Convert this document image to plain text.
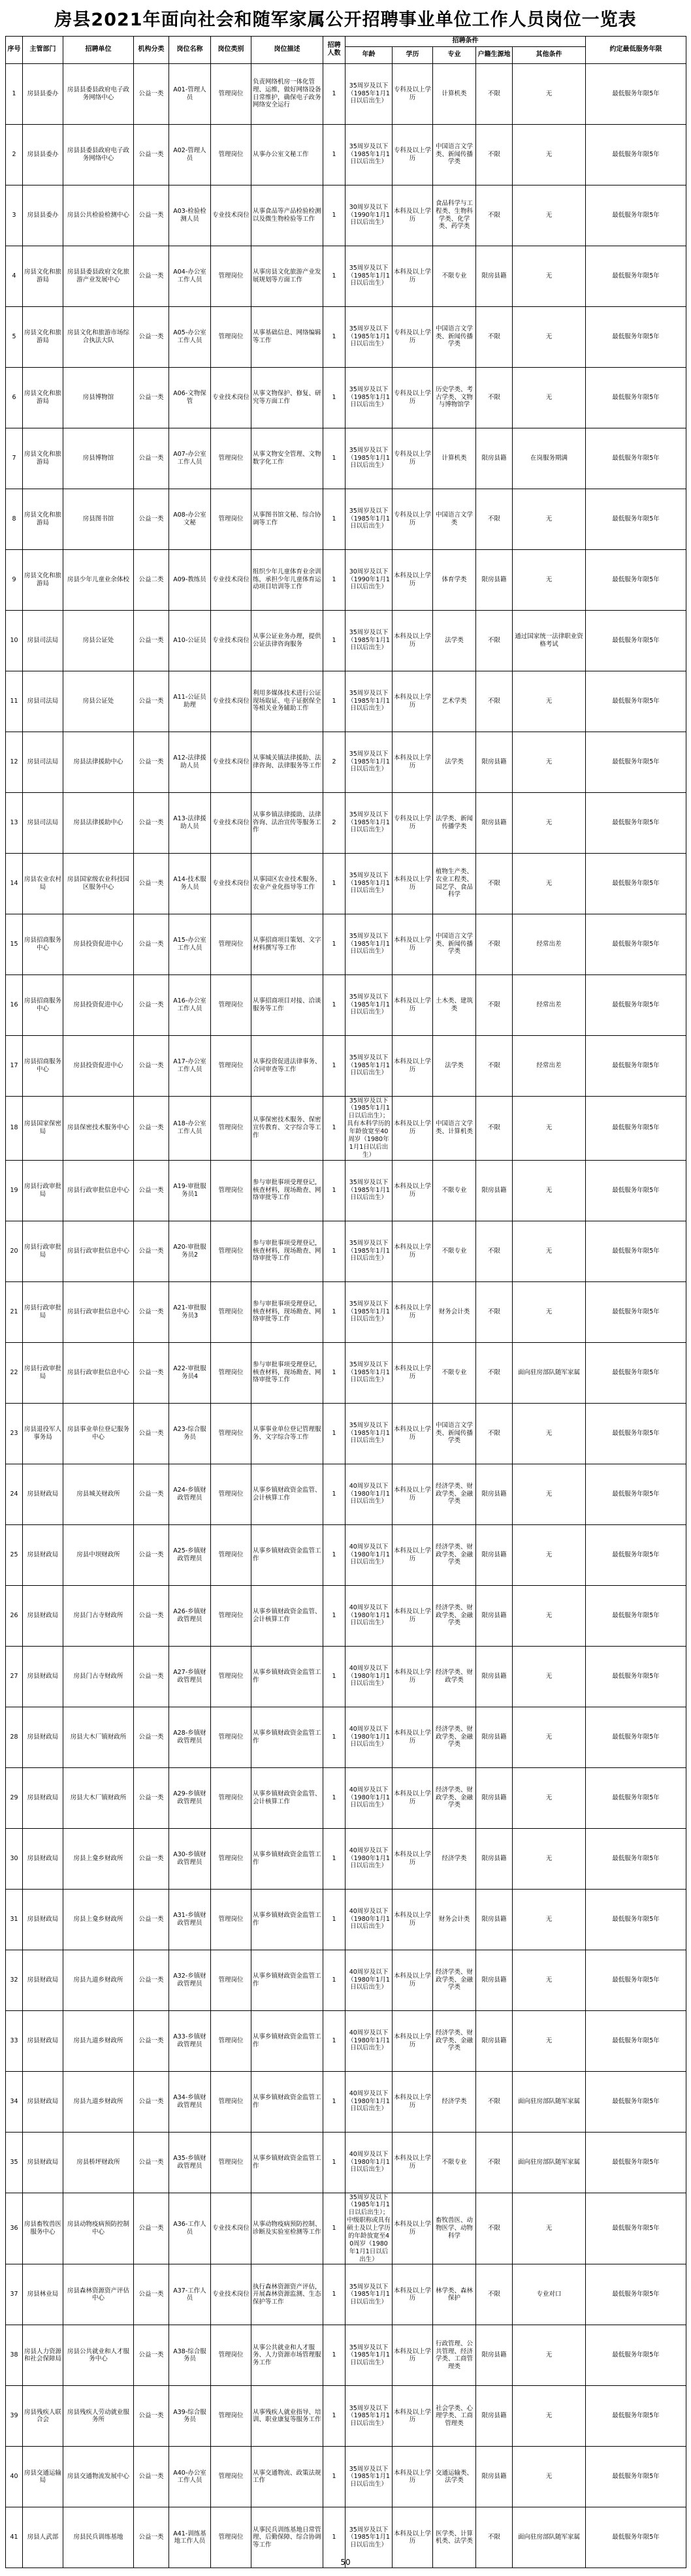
房县2021年面向社会和随军家属公开招聘事业单位工作人员岗位一览表
序号	主管部门	招聘单位	机构分类	岗位名称	岗位类别	岗位描述	招聘人数	招聘条件					约定最低服务年限
								年龄	学历	专业	户籍生源地	其他条件	
1	房县县委办	房县县委县政府电子政务网络中心	公益一类	A01-管理人员	管理岗位	负责网络机房一体化管理、运维，做好网络设备日常维护，确保电子政务网络安全运行	1	35周岁及以下（1985年1月1日以后出生）	专科及以上学历	计算机类	不限	无	最低服务年限5年
2	房县县委办	房县县委县政府电子政务网络中心	公益一类	A02-管理人员	管理岗位	从事办公室文秘工作	1	35周岁及以下（1985年1月1日以后出生）	专科及以上学历	中国语言文学类、新闻传播学类	不限	无	最低服务年限5年
3	房县县委办	房县公共检验检测中心	公益一类	A03-检验检测人员	专业技术岗位	从事食品等产品检验检测以及微生物检验等工作	1	30周岁及以下（1990年1月1日以后出生）	本科及以上学历	食品科学与工程类、生物科学类、化学类、药学类	不限	无	最低服务年限5年
4	房县文化和旅游局	房县县委县政府文化旅游产业发展中心	公益一类	A04-办公室工作人员	管理岗位	从事房县文化旅游产业发展规划等方面工作	1	35周岁及以下（1985年1月1日以后出生）	本科及以上学历	不限专业	限房县籍	无	最低服务年限5年
5	房县文化和旅游局	房县文化和旅游市场综合执法大队	公益一类	A05-办公室工作人员	管理岗位	从事基础信息、网络编辑等工作	1	35周岁及以下（1985年1月1日以后出生）	专科及以上学历	中国语言文学类、新闻传播学类	不限	无	最低服务年限5年
6	房县文化和旅游局	房县博物馆	公益一类	A06-文物保管	专业技术岗位	从事文物保护、修复、研究等方面工作	1	35周岁及以下（1985年1月1日以后出生）	专科及以上学历	历史学类、考古学类、文物与博物馆学	不限	无	最低服务年限5年
7	房县文化和旅游局	房县博物馆	公益一类	A07-办公室工作人员	管理岗位	从事文物安全管理、文物数字化工作	1	35周岁及以下（1985年1月1日以后出生）	专科及以上学历	计算机类	限房县籍	在岗服务期满	最低服务年限5年
8	房县文化和旅游局	房县图书馆	公益一类	A08-办公室文秘	管理岗位	从事图书馆文秘、综合协调等工作	1	35周岁及以下（1985年1月1日以后出生）	专科及以上学历	中国语言文学类	不限	无	最低服务年限5年
9	房县文化和旅游局	房县少年儿童业余体校	公益二类	A09-教练员	专业技术岗位	组织少年儿童体育业余训练，承担少年儿童体育运动项目培训等工作	1	30周岁及以下（1990年1月1日以后出生）	本科及以上学历	体育学类	限房县籍	无	最低服务年限5年
10	房县司法局	房县公证处	公益一类	A10-公证员	专业技术岗位	从事公证业务办理，提供公证法律咨询服务	1	35周岁及以下（1985年1月1日以后出生）	本科及以上学历	法学类	不限	通过国家统一法律职业资格考试	最低服务年限5年
11	房县司法局	房县公证处	公益一类	A11-公证员助理	专业技术岗位	利用多媒体技术进行公证现场取证、电子证据保全等相关业务辅助工作	1	35周岁及以下（1985年1月1日以后出生）	本科及以上学历	艺术学类	不限	无	最低服务年限5年
12	房县司法局	房县法律援助中心	公益一类	A12-法律援助人员	专业技术岗位	从事城关镇法律援助、法律咨询、法律服务等工作	2	35周岁及以下（1985年1月1日以后出生）	本科及以上学历	法学类	限房县籍	无	最低服务年限5年
13	房县司法局	房县法律援助中心	公益一类	A13-法律援助人员	专业技术岗位	从事乡镇法律援助、法律咨询、法治宣传等服务工作	2	35周岁及以下（1985年1月1日以后出生）	专科及以上学历	法学类、新闻传播学类	限房县籍	无	最低服务年限5年
14	房县农业农村局	房县国家级农业科技园区服务中心	公益一类	A14-技术服务人员	专业技术岗位	从事园区农业技术服务、农业产业化指导等工作	1	35周岁及以下（1985年1月1日以后出生）	本科及以上学历	植物生产类、农业工程类、园艺学、食品科学	不限	无	最低服务年限5年
15	房县招商服务中心	房县投资促进中心	公益一类	A15-办公室工作人员	管理岗位	从事招商项目策划、文字材料撰写等工作	1	35周岁及以下（1985年1月1日以后出生）	本科及以上学历	中国语言文学类、新闻传播学类	不限	经常出差	最低服务年限5年
16	房县招商服务中心	房县投资促进中心	公益一类	A16-办公室工作人员	管理岗位	从事招商项目对接、洽谈服务等工作	1	35周岁及以下（1985年1月1日以后出生）	本科及以上学历	土木类、建筑类	不限	经常出差	最低服务年限5年
17	房县招商服务中心	房县投资促进中心	公益一类	A17-办公室工作人员	管理岗位	从事投资促进法律事务、合同审查等工作	1	35周岁及以下（1985年1月1日以后出生）	本科及以上学历	法学类	不限	经常出差	最低服务年限5年
18	房县国家保密局	房县保密技术服务中心	公益一类	A18-办公室工作人员	管理岗位	从事保密技术服务、保密宣传教育、文字综合等工作	1	35周岁及以下（1985年1月1日以后出生）；具有本科学历的年龄放宽至40周岁（1980年1月1日以后出生）	本科及以上学历	中国语言文学类、计算机类	不限	无	最低服务年限5年
19	房县行政审批局	房县行政审批信息中心	公益一类	A19-审批服务员1	管理岗位	参与审批事项受理登记，核查材料，现场勘查、网络审批等工作	1	35周岁及以下（1985年1月1日以后出生）	本科及以上学历	不限专业	限房县籍	无	最低服务年限5年
20	房县行政审批局	房县行政审批信息中心	公益一类	A20-审批服务员2	管理岗位	参与审批事项受理登记，核查材料，现场勘查、网络审批等工作	1	35周岁及以下（1985年1月1日以后出生）	本科及以上学历	不限专业	不限	无	最低服务年限5年
21	房县行政审批局	房县行政审批信息中心	公益一类	A21-审批服务员3	管理岗位	参与审批事项受理登记，核查材料，现场勘查、网络审批等工作	1	35周岁及以下（1985年1月1日以后出生）	本科及以上学历	财务会计类	不限	无	最低服务年限5年
22	房县行政审批局	房县行政审批信息中心	公益一类	A22-审批服务员4	管理岗位	参与审批事项受理登记，核查材料，现场勘查、网络审批等工作	1	35周岁及以下（1985年1月1日以后出生）	本科及以上学历	不限专业	不限	面向驻房部队随军家属	最低服务年限5年
23	房县退役军人事务局	房县事业单位登记服务中心	公益一类	A23-综合服务员	管理岗位	从事事业单位登记管理服务、文字综合等工作	1	35周岁及以下（1985年1月1日以后出生）	本科及以上学历	中国语言文学类、新闻传播学类	不限	无	最低服务年限5年
24	房县财政局	房县城关财政所	公益一类	A24-乡镇财政管理员	管理岗位	从事乡镇财政资金监管、会计核算工作	1	40周岁及以下（1980年1月1日以后出生）	本科及以上学历	经济学类、财政学类、金融学类	限房县籍	无	最低服务年限5年
25	房县财政局	房县中坝财政所	公益一类	A25-乡镇财政管理员	管理岗位	从事乡镇财政资金监管工作	1	40周岁及以下（1980年1月1日以后出生）	本科及以上学历	经济学类、财政学类、金融学类	限房县籍	无	最低服务年限5年
26	房县财政局	房县门古寺财政所	公益一类	A26-乡镇财政管理员	管理岗位	从事乡镇财政资金监管、会计核算工作	1	40周岁及以下（1980年1月1日以后出生）	本科及以上学历	经济学类、财政学类、金融学类	限房县籍	无	最低服务年限5年
27	房县财政局	房县门古寺财政所	公益一类	A27-乡镇财政管理员	管理岗位	从事乡镇财政资金监管工作	1	40周岁及以下（1980年1月1日以后出生）	本科及以上学历	经济学类、财政学类	限房县籍	无	最低服务年限5年
28	房县财政局	房县大木厂镇财政所	公益一类	A28-乡镇财政管理员	管理岗位	从事乡镇财政资金监管工作	1	40周岁及以下（1980年1月1日以后出生）	本科及以上学历	经济学类、财政学类、金融学类	限房县籍	无	最低服务年限5年
29	房县财政局	房县大木厂镇财政所	公益一类	A29-乡镇财政管理员	管理岗位	从事乡镇财政资金监管、会计核算工作	1	40周岁及以下（1980年1月1日以后出生）	本科及以上学历	经济学类、财政学类、金融学类	限房县籍	无	最低服务年限5年
30	房县财政局	房县上龛乡财政所	公益一类	A30-乡镇财政管理员	管理岗位	从事乡镇财政资金监管工作	1	40周岁及以下（1980年1月1日以后出生）	本科及以上学历	经济学类	限房县籍	无	最低服务年限5年
31	房县财政局	房县上龛乡财政所	公益一类	A31-乡镇财政管理员	管理岗位	从事乡镇财政资金监管工作	1	40周岁及以下（1980年1月1日以后出生）	本科及以上学历	财务会计类	限房县籍	无	最低服务年限5年
32	房县财政局	房县九道乡财政所	公益一类	A32-乡镇财政管理员	管理岗位	从事乡镇财政资金监管工作	1	40周岁及以下（1980年1月1日以后出生）	本科及以上学历	经济学类、财政学类、金融学类	限房县籍	无	最低服务年限5年
33	房县财政局	房县九道乡财政所	公益一类	A33-乡镇财政管理员	管理岗位	从事乡镇财政资金监管工作	1	40周岁及以下（1980年1月1日以后出生）	本科及以上学历	经济学类、财政学类、金融学类	限房县籍	无	最低服务年限5年
34	房县财政局	房县九道乡财政所	公益一类	A34-乡镇财政管理员	管理岗位	从事乡镇财政资金监管工作	1	40周岁及以下（1980年1月1日以后出生）	本科及以上学历	经济学类	不限	面向驻房部队随军家属	最低服务年限5年
35	房县财政局	房县桥坪财政所	公益一类	A35-乡镇财政管理员	管理岗位	从事乡镇财政资金监管工作	1	40周岁及以下（1980年1月1日以后出生）	本科及以上学历	不限专业	不限	面向驻房部队随军家属	最低服务年限5年
36	房县畜牧兽医服务中心	房县动物疫病预防控制中心	公益一类	A36-工作人员	专业技术岗位	从事动物疫病预防控制、诊断及实验室检测等工作	1	35周岁及以下（1985年1月1日以后出生）；中级职称或具有硕士及以上学历的年龄放宽至40周岁（1980年1月1日以后出生）	本科及以上学历	畜牧兽医、动物医学、动物科学	不限	无	最低服务年限5年
37	房县林业局	房县森林资源资产评估中心	公益一类	A37-工作人员	专业技术岗位	执行森林资源资产评估，开展森林资源监测、生态保护等工作	1	35周岁及以下（1985年1月1日以后出生）	本科及以上学历	林学类、森林保护	不限	专业对口	最低服务年限5年
38	房县人力资源和社会保障局	房县公共就业和人才服务中心	公益一类	A38-综合服务员	管理岗位	从事公共就业和人才服务、人力资源市场管理服务工作	1	35周岁及以下（1985年1月1日以后出生）	本科及以上学历	行政管理、公共管理、经济学类、工商管理类	限房县籍	无	最低服务年限5年
39	房县残疾人联合会	房县残疾人劳动就业服务所	公益一类	A39-综合服务员	管理岗位	从事残疾人就业指导、培训、职业康复等服务工作	1	35周岁及以下（1985年1月1日以后出生）	本科及以上学历	社会学类、心理学类、工商管理类	限房县籍	无	最低服务年限5年
40	房县交通运输局	房县交通物流发展中心	公益一类	A40-办公室工作人员	管理岗位	从事交通物流、政策法规工作	1	35周岁及以下（1985年1月1日以后出生）	本科及以上学历	交通运输类、法学类	限房县籍	无	最低服务年限5年
41	房县人武部	房县民兵训练基地	公益一类	A41-训练基地工作人员	管理岗位	从事民兵训练基地日常管理、后勤保障、综合协调等工作	1	35周岁及以下（1985年1月1日以后出生）	本科及以上学历	医学类、计算机类、法学类	不限	面向驻房部队随军家属	最低服务年限5年
50
